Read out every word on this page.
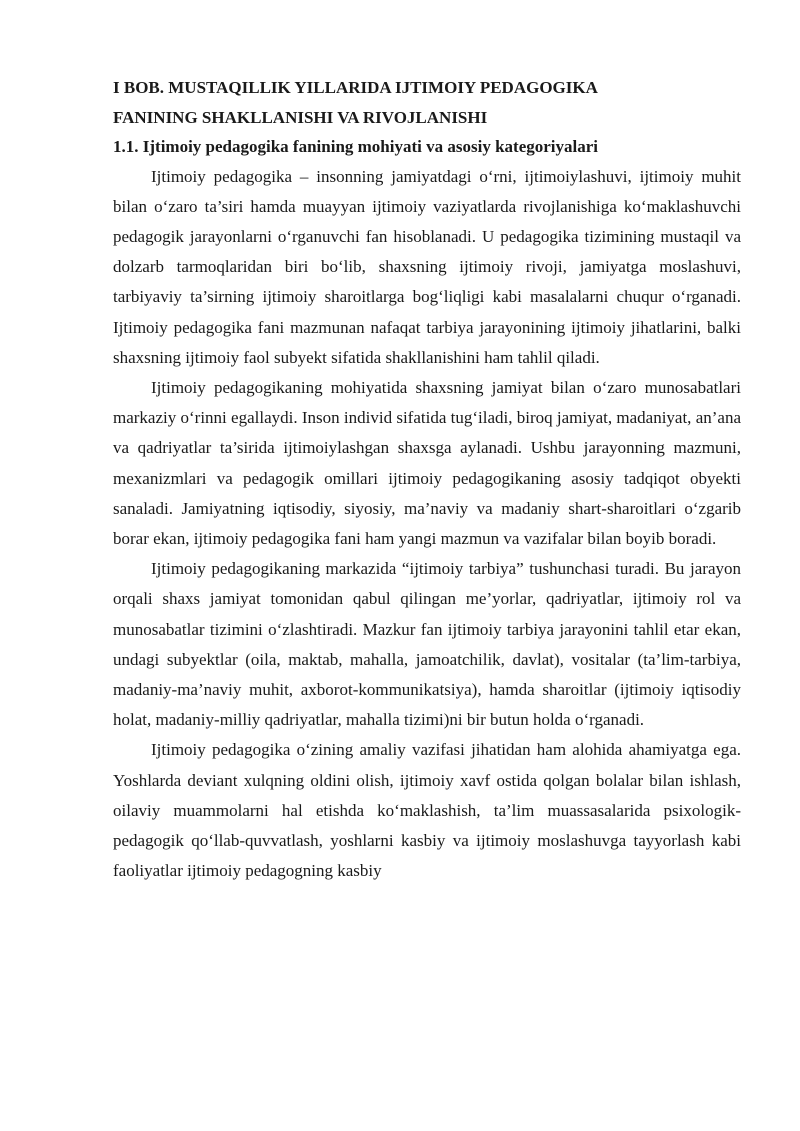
I BOB. MUSTAQILLIK YILLARIDA IJTIMOIY PEDAGOGIKA
FANINING SHAKLLANISHI VA RIVOJLANISHI
1.1. Ijtimoiy pedagogika fanining mohiyati va asosiy kategoriyalari

Ijtimoiy pedagogika – insonning jamiyatdagi o‘rni, ijtimoiylashuvi, ijtimoiy muhit bilan o‘zaro ta’siri hamda muayyan ijtimoiy vaziyatlarda rivojlanishiga ko‘maklashuvchi pedagogik jarayonlarni o‘rganuvchi fan hisoblanadi. U pedagogika tizimining mustaqil va dolzarb tarmoqlaridan biri bo‘lib, shaxsning ijtimoiy rivoji, jamiyatga moslashuvi, tarbiyaviy ta’sirning ijtimoiy sharoitlarga bog‘liqligi kabi masalalarni chuqur o‘rganadi. Ijtimoiy pedagogika fani mazmunan nafaqat tarbiya jarayonining ijtimoiy jihatlarini, balki shaxsning ijtimoiy faol subyekt sifatida shakllanishini ham tahlil qiladi.

Ijtimoiy pedagogikaning mohiyatida shaxsning jamiyat bilan o‘zaro munosabatlari markaziy o‘rinni egallaydi. Inson individ sifatida tug‘iladi, biroq jamiyat, madaniyat, an’ana va qadriyatlar ta’sirida ijtimoiylashgan shaxsga aylanadi. Ushbu jarayonning mazmuni, mexanizmlari va pedagogik omillari ijtimoiy pedagogikaning asosiy tadqiqot obyekti sanaladi. Jamiyatning iqtisodiy, siyosiy, ma’naviy va madaniy shart-sharoitlari o‘zgarib borar ekan, ijtimoiy pedagogika fani ham yangi mazmun va vazifalar bilan boyib boradi.

Ijtimoiy pedagogikaning markazida “ijtimoiy tarbiya” tushunchasi turadi. Bu jarayon orqali shaxs jamiyat tomonidan qabul qilingan me’yorlar, qadriyatlar, ijtimoiy rol va munosabatlar tizimini o‘zlashtiradi. Mazkur fan ijtimoiy tarbiya jarayonini tahlil etar ekan, undagi subyektlar (oila, maktab, mahalla, jamoatchilik, davlat), vositalar (ta’lim-tarbiya, madaniy-ma’naviy muhit, axborot-kommunikatsiya), hamda sharoitlar (ijtimoiy iqtisodiy holat, madaniy-milliy qadriyatlar, mahalla tizimi)ni bir butun holda o‘rganadi.

Ijtimoiy pedagogika o‘zining amaliy vazifasi jihatidan ham alohida ahamiyatga ega. Yoshlarda deviant xulqning oldini olish, ijtimoiy xavf ostida qolgan bolalar bilan ishlash, oilaviy muammolarni hal etishda ko‘maklashish, ta’lim muassasalarida psixologik-pedagogik qo‘llab-quvvatlash, yoshlarni kasbiy va ijtimoiy moslashuvga tayyorlash kabi faoliyatlar ijtimoiy pedagogning kasbiy
